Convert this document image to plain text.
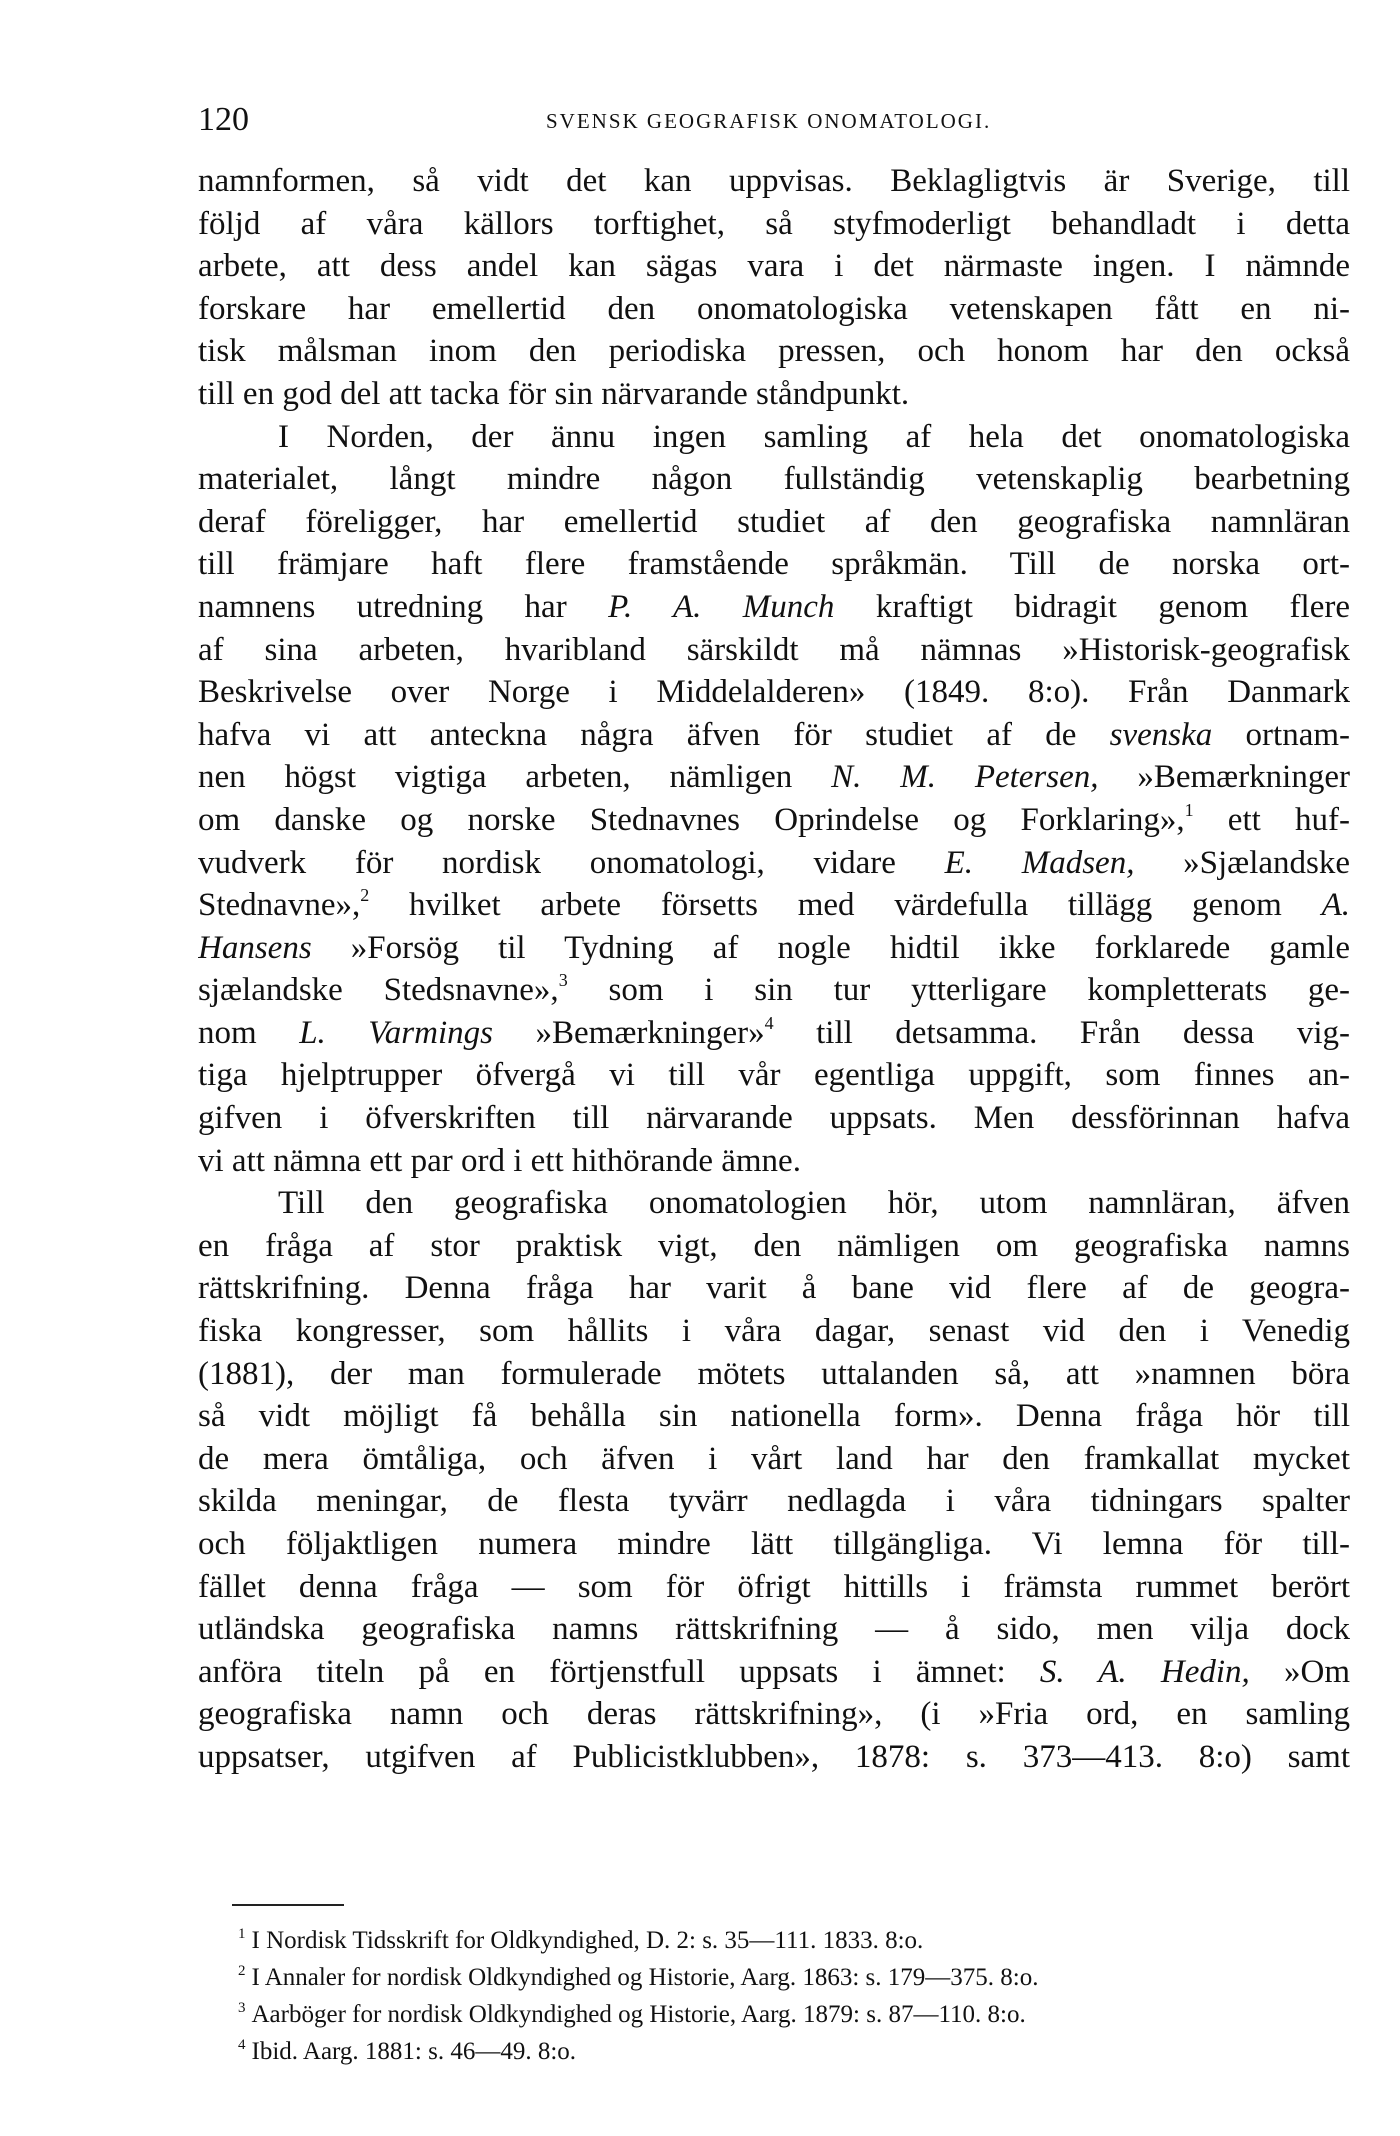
120	SVENSK GEOGRAFISK ONOMATOLOGI.
namnformen, så vidt det kan uppvisas. Beklagligtvis är Sverige, till
följd af våra källors torftighet, så styfmoderligt behandladt i detta
arbete, att dess andel kan sägas vara i det närmaste ingen. I nämnde
forskare har emellertid den onomatologiska vetenskapen fått en ni-
tisk målsman inom den periodiska pressen, och honom har den också
till en god del att tacka för sin närvarande ståndpunkt.
I Norden, der ännu ingen samling af hela det onomatologiska
materialet, långt mindre någon fullständig vetenskaplig bearbetning
deraf föreligger, har emellertid studiet af den geografiska namnläran
till främjare haft flere framstående språkmän. Till de norska ort-
namnens utredning har P. A. Munch kraftigt bidragit genom flere
af sina arbeten, hvaribland särskildt må nämnas »Historisk-geografisk
Beskrivelse over Norge i Middelalderen» (1849. 8:o). Från Danmark
hafva vi att anteckna några äfven för studiet af de svenska ortnam-
nen högst vigtiga arbeten, nämligen N. M. Petersen, »Bemærkninger
om danske og norske Stednavnes Oprindelse og Forklaring»,$^1$ ett huf-
vudverk för nordisk onomatologi, vidare E. Madsen, »Sjælandske
Stednavne»,$^2$ hvilket arbete försetts med värdefulla tillägg genom A.
Hansens »Forsög til Tydning af nogle hidtil ikke forklarede gamle
sjælandske Stedsnavne»,$^3$ som i sin tur ytterligare kompletterats ge-
nom L. Varmings »Bemærkninger»$^4$ till detsamma. Från dessa vig-
tiga hjelptrupper öfvergå vi till vår egentliga uppgift, som finnes an-
gifven i öfverskriften till närvarande uppsats. Men dessförinnan hafva
vi att nämna ett par ord i ett hithörande ämne.
Till den geografiska onomatologien hör, utom namnläran, äfven
en fråga af stor praktisk vigt, den nämligen om geografiska namns
rättskrifning. Denna fråga har varit å bane vid flere af de geogra-
fiska kongresser, som hållits i våra dagar, senast vid den i Venedig
(1881), der man formulerade mötets uttalanden så, att »namnen böra
så vidt möjligt få behålla sin nationella form». Denna fråga hör till
de mera ömtåliga, och äfven i vårt land har den framkallat mycket
skilda meningar, de flesta tyvärr nedlagda i våra tidningars spalter
och följaktligen numera mindre lätt tillgängliga. Vi lemna för till-
fället denna fråga — som för öfrigt hittills i främsta rummet berört
utländska geografiska namns rättskrifning — å sido, men vilja dock
anföra titeln på en förtjenstfull uppsats i ämnet: S. A. Hedin, »Om
geografiska namn och deras rättskrifning», (i »Fria ord, en samling
uppsatser, utgifven af Publicistklubben», 1878: s. 373—413. 8:o) samt
$^1$ I Nordisk Tidsskrift for Oldkyndighed, D. 2: s. 35—111. 1833. 8:o.
$^2$ I Annaler for nordisk Oldkyndighed og Historie, Aarg. 1863: s. 179—375. 8:o.
$^3$ Aarböger for nordisk Oldkyndighed og Historie, Aarg. 1879: s. 87—110. 8:o.
$^4$ Ibid. Aarg. 1881: s. 46—49. 8:o.
